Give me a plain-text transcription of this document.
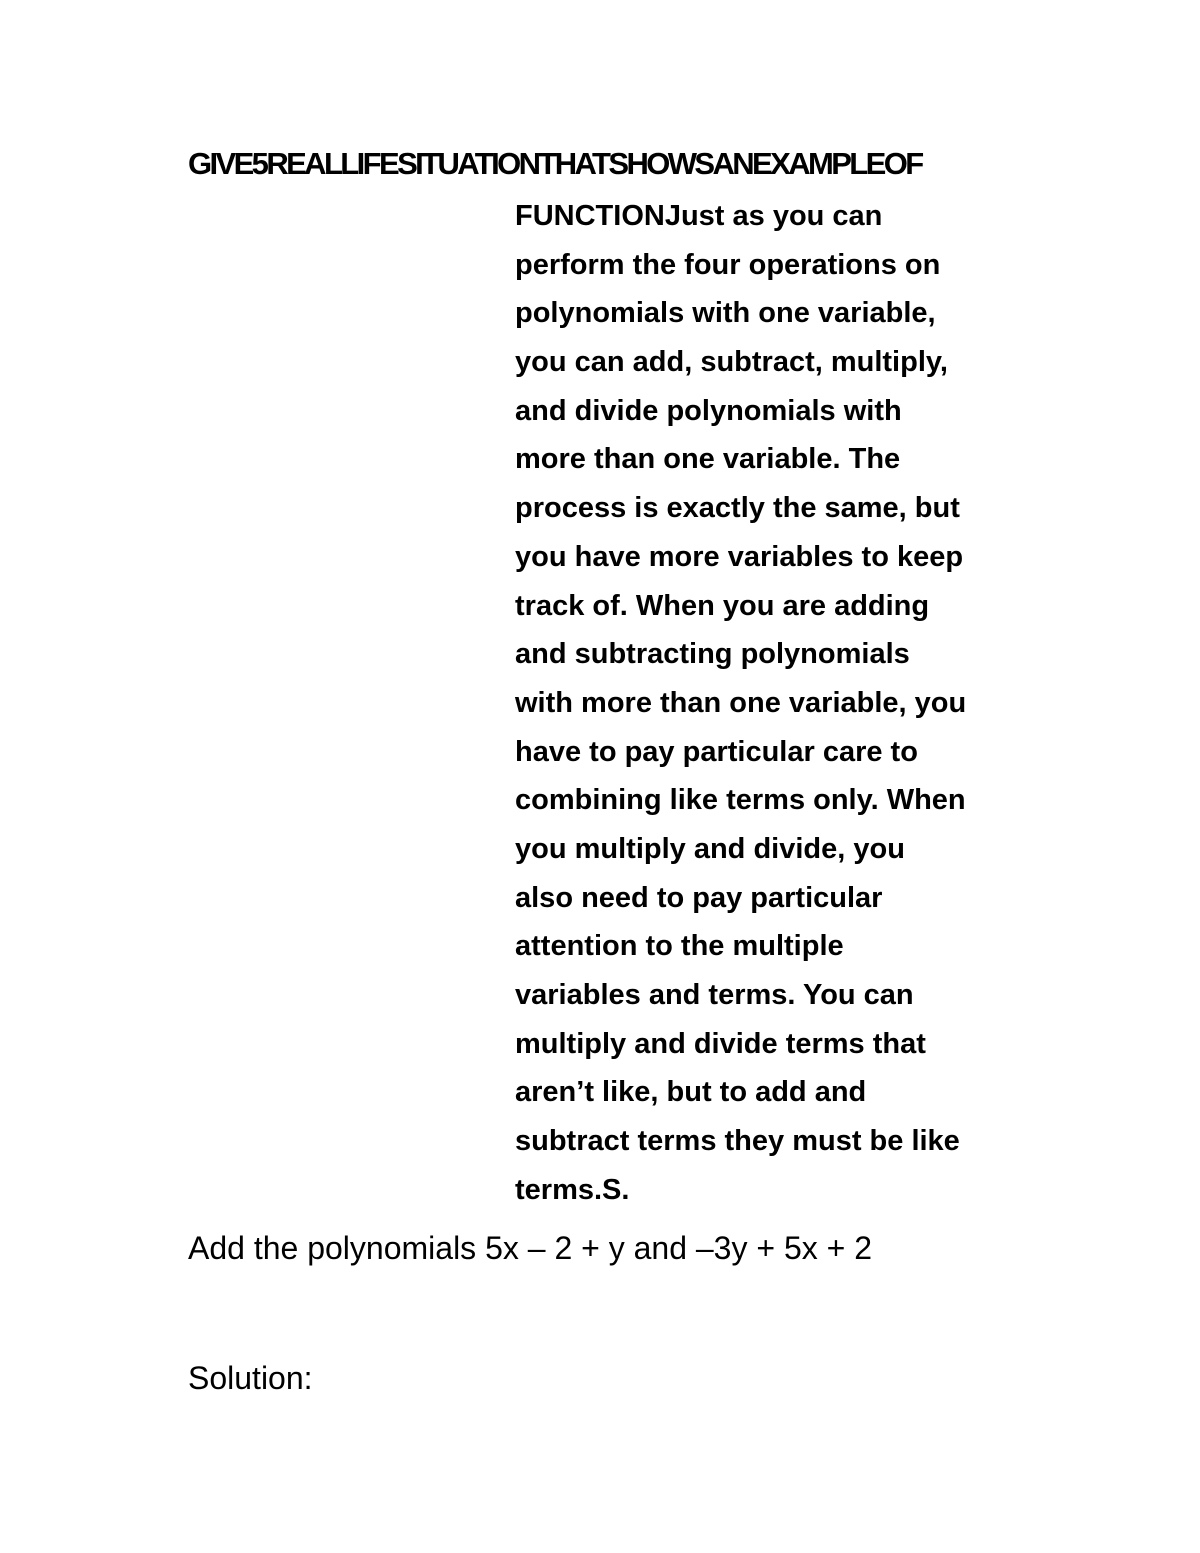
GIVE5REALLIFESITUATIONTHATSHOWSANEXAMPLEOF
FUNCTIONJust as you can
perform the four operations on
polynomials with one variable,
you can add, subtract, multiply,
and divide polynomials with
more than one variable. The
process is exactly the same, but
you have more variables to keep
track of. When you are adding
and subtracting polynomials
with more than one variable, you
have to pay particular care to
combining like terms only. When
you multiply and divide, you
also need to pay particular
attention to the multiple
variables and terms. You can
multiply and divide terms that
aren’t like, but to add and
subtract terms they must be like
terms.S.

Add the polynomials 5x – 2 + y and –3y + 5x + 2

Solution:
